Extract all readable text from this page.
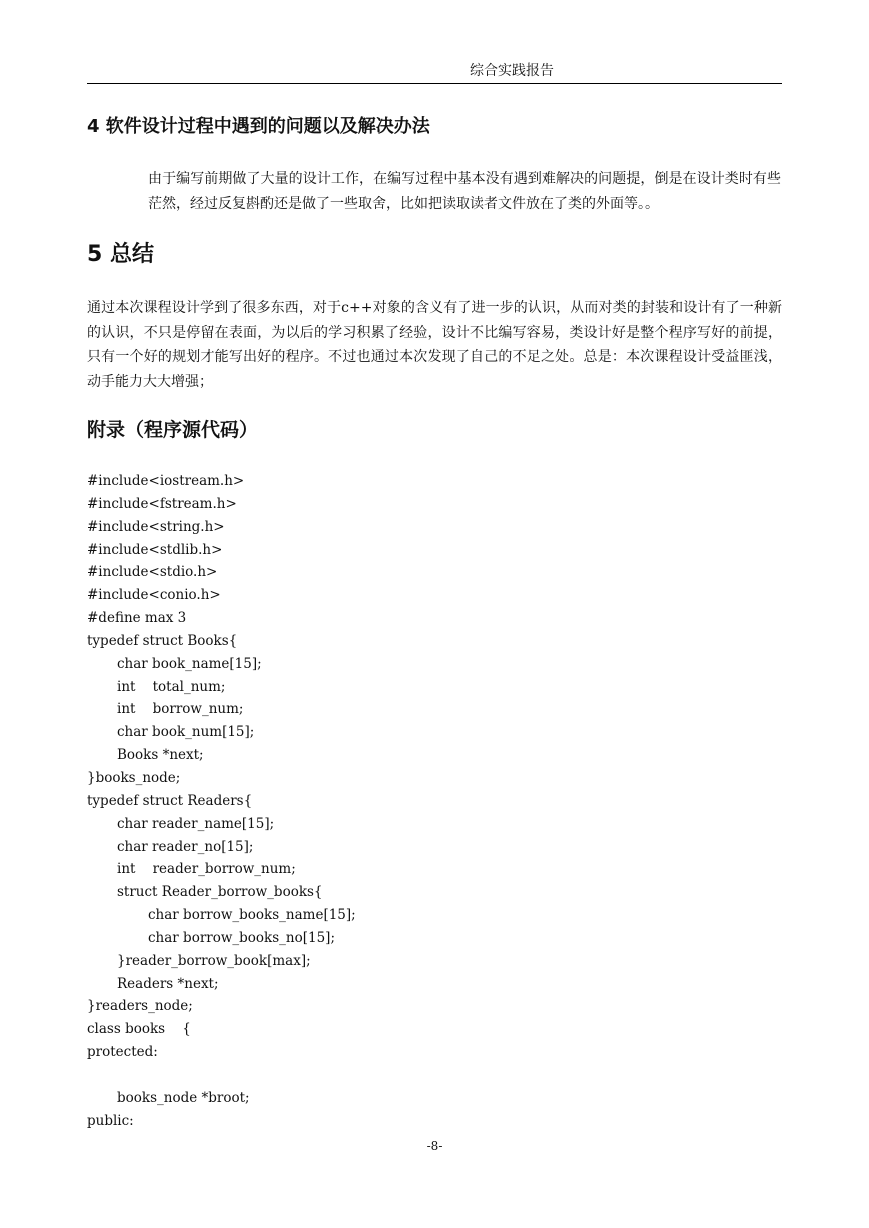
综合实践报告
4 软件设计过程中遇到的问题以及解决办法
由于编写前期做了大量的设计工作，在编写过程中基本没有遇到难解决的问题提，倒是在设计类时有些茫然，经过反复斟酌还是做了一些取舍，比如把读取读者文件放在了类的外面等。。
5 总结
通过本次课程设计学到了很多东西，对于c++对象的含义有了进一步的认识，从而对类的封装和设计有了一种新的认识，不只是停留在表面，为以后的学习积累了经验，设计不比编写容易，类设计好是整个程序写好的前提，只有一个好的规划才能写出好的程序。不过也通过本次发现了自己的不足之处。总是：本次课程设计受益匪浅，动手能力大大增强；
附录（程序源代码）
#include<iostream.h>
#include<fstream.h>
#include<string.h>
#include<stdlib.h>
#include<stdio.h>
#include<conio.h>
#define max 3
typedef struct Books{
char book_name[15];
int    total_num;
int    borrow_num;
char book_num[15];
Books *next;
}books_node;
typedef struct Readers{
char reader_name[15];
char reader_no[15];
int    reader_borrow_num;
struct Reader_borrow_books{
char borrow_books_name[15];
char borrow_books_no[15];
}reader_borrow_book[max];
Readers *next;
}readers_node;
class books    {
protected:
books_node *broot;
public:
-8-
